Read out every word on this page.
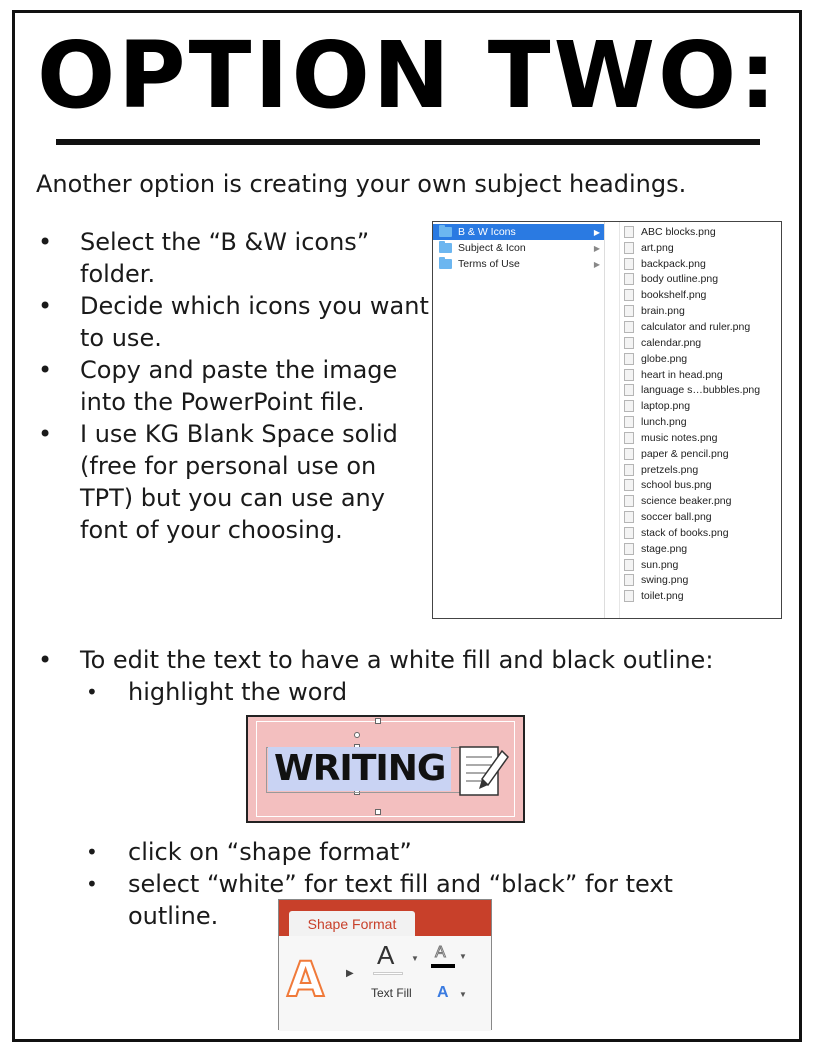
OPTION TWO:
Another option is creating your own subject headings.
• Select the “B &W icons” folder.
• Decide which icons you want to use.
• Copy and paste the image into the PowerPoint file.
• I use KG Blank Space solid (free for personal use on TPT) but you can use any font of your choosing.
B & W Icons	▶
Subject & Icon	▶
Terms of Use	▶
ABC blocks.png
art.png
backpack.png
body outline.png
bookshelf.png
brain.png
calculator and ruler.png
calendar.png
globe.png
heart in head.png
language s…bubbles.png
laptop.png
lunch.png
music notes.png
paper & pencil.png
pretzels.png
school bus.png
science beaker.png
soccer ball.png
stack of books.png
stage.png
sun.png
swing.png
toilet.png
• To edit the text to have a white fill and black outline:
• highlight the word
WRITING
• click on “shape format”
• select “white” for text fill and “black” for text outline.	Shape Format
A ▶
A ▼ A ▼
Text Fill A ▼
